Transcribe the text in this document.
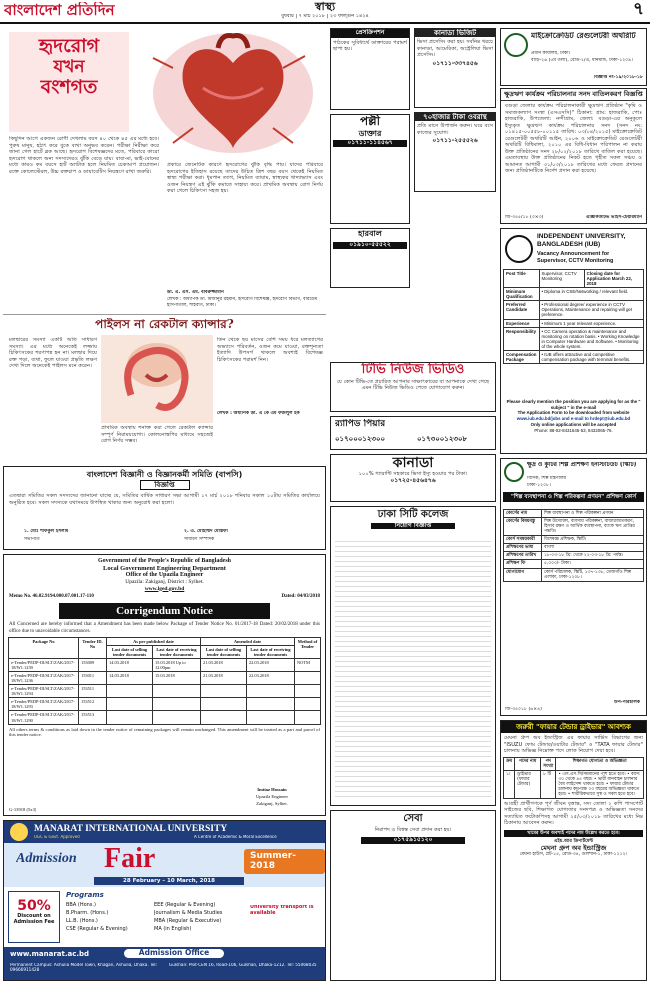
বাংলাদেশ প্রতিদিন	স্বাস্থ্য
বুধবার | ৭ মার্চ ২০১৮ | ২৩ ফাল্গুন ১৪২৪	৭
হৃদরোগ
যখন
বংশগত
কিছুদিন আগে একজন রোগী দেখলাম বয়স ৪০ থেকে ৪৫ এর মধ্যে হবে। পুরুষ মানুষ, হঠাৎ করে বুকে ব্যথা অনুভব করেন। পরীক্ষা নিরীক্ষা করে জানা গেল হার্টে ব্লক আছে। হৃদরোগ বিশেষজ্ঞদের মতে, পরিবারে কারো হৃদরোগ থাকলে অন্য সদস্যদেরও ঝুঁকি বেড়ে যায়। বাবা-মা, ভাই-বোনের মধ্যে কারও কম বয়সে হার্ট অ্যাটাক হলে নিয়মিত চেকআপ প্রয়োজন। রক্তে কোলেস্টেরল, উচ্চ রক্তচাপ ও ডায়াবেটিস নিয়ন্ত্রণে রাখা জরুরি।
প্রকারে জেনেটিক কারণে হৃদরোগের ঝুঁকি বৃদ্ধি পায়। যাদের পরিবারে হৃদরোগের ইতিহাস রয়েছে তাদের উচিত ত্রিশ বছর বয়স থেকেই নিয়মিত স্বাস্থ্য পরীক্ষা করা। ধূমপান ত্যাগ, নিয়মিত ব্যায়াম, স্বাস্থ্যকর খাদ্যাভ্যাস এবং ওজন নিয়ন্ত্রণ এই ঝুঁকি কমাতে সাহায্য করে। প্রাথমিক অবস্থায় রোগ নির্ণয় করা গেলে চিকিৎসা সহজ হয়।
ডা. এ. এস. এম. বাবরুজ্জামান
লেখক : অধ্যাপক ডা. মিজানুর রহমান, হৃদরোগ বিশেষজ্ঞ, হৃদরোগ বিভাগ, বারডেম হাসপাতাল, শাহবাগ, ঢাকা।
পাইলস না রেকটাল ক্যান্সার?
মলদ্বারের সমস্যা একটি অতি সাধারণ সমস্যা। এর মধ্যে অনেকেই লজ্জায় চিকিৎসকের শরণাপন্ন হন না। মলদ্বার দিয়ে রক্ত পড়া, ব্যথা, ফুলে যাওয়া প্রভৃতি লক্ষণ দেখা দিলে অনেকেই পাইলস মনে করেন।
তিন থেকে ছয় মাসের বেশি সময় ধরে মলত্যাগের অভ্যাসে পরিবর্তন, ওজন কমে যাওয়া, রক্তশূন্যতা ইত্যাদি উপসর্গ থাকলে অবশ্যই বিশেষজ্ঞ চিকিৎসকের পরামর্শ নিন।
প্রাথমিক অবস্থায় শনাক্ত করা গেলে রেকটাল ক্যান্সার সম্পূর্ণ নিরাময়যোগ্য। কোলনোস্কপির মাধ্যমে সহজেই রোগ নির্ণয় সম্ভব।
লেখক : অধ্যাপক ডা. এ কে এম ফজলুল হক
বাংলাদেশ বিজ্ঞানী ও বিজ্ঞানকর্মী সমিতি (বাপসি)
বিজ্ঞপ্তি
এতদ্বারা সমিতির সকল সদস্যদের জানানো যাচ্ছে যে, সমিতির বার্ষিক সাধারণ সভা আগামী ১৭ মার্চ ২০১৮ শনিবার সকাল ১০টায় সমিতির কার্যালয়ে অনুষ্ঠিত হবে। সকল সদস্যকে যথাসময়ে উপস্থিত থাকার জন্য অনুরোধ করা হলো।
১. মোঃ শফিকুল ইসলাম
সভাপতি
২. এ. মোহাম্মদ মোস্তফা
সাধারণ সম্পাদক
Government of the People's Republic of Bangladesh
Local Government Engineering Department
Office of the Upazila Engineer
Upazila: Zakiganj, District : Sylhet.
www.lged.gov.bd
Memo No. 46.02.9194.000.07.001.17-110	Dated: 04/03/2018
Corrigendum Notice
All Concerned are hereby informed that a Amendment has been made below Package of Tender Notice No. 01/2017-18 Dated: 20/02/2018 under this office due to unavoidable circumstances.
Package No	Tender ID. No	As per published date		Amended date		Method of Tender
		Last date of selling tender documents	Last date of receiving tender documents	Last date of selling tender documents	Last date of receiving tender documents	
e-Tender/PEDP-III/SLT/ZAK/2017-18/W1.1239	153009	14.03.2018	15.03.2018 Up to 12.00pm	21.03.2018	22.03.2018	NOTM
e-Tender/PEDP-III/SLT/ZAK/2017-18/W1.1236	153011	14.03.2018	15.03.2018	21.03.2018	22.03.2018	
e-Tender/PEDP-III/SLT/ZAK/2017-18/W1.1294	153511					
e-Tender/PEDP-III/SLT/ZAK/2017-18/W1.1293	153512					
e-Tender/PEDP-III/SLT/ZAK/2017-18/W1.1290	153513					
All others terms & conditions as laid down in the tender notice of remaining packages will remain unchanged. This amendment will be treated as a part and parcel of this tender notice.
Imtiaz Hossain
Upazila Engineer
Zakiganj, Sylhet.
G-13918 (5x3)
MANARAT INTERNATIONAL UNIVERSITY
UGC & Govt. Approved	A Centre of Academic & Moral Excellence
Admission Fair	Summer-2018
28 February – 10 March, 2018
50%
Discount on
Admission Fee
Programs
BBA (Hons.)
B.Pharm. (Hons.)
LL.B. (Hons.)
CSE (Regular & Evening)
EEE (Regular & Evening)
Journalism & Media Studies
MBA (Regular & Executive)
MA (in English)
University transport is available
www.manarat.ac.bd	Admission Office
Permanent Campus: Ashulia Model Town, Khagan, Ashulia, Dhaka. Tel: 09666911428
Gulshan: Plot-CEN 16, Road-106, Gulshan, Dhaka-1212. Tel: 55068035
প্রেসক্রিপশন
পাঠকের সুবিধার্থে ডাক্তারের পরামর্শ ছাপা হয়।
পল্লী
ডাক্তার
০১৭১১-১১৪৫৬৭
হারবাল
০১৯১০-৫৫৫২২
কানাডা ভিজিট
ভিসা প্রসেসিং করা হয়। সর্বনিম্ন খরচে কানাডা, আমেরিকা, অস্ট্রেলিয়া ভিসা প্রসেসিং।
০১৭১১-৩৩৭৪৫৬
৭০হাজার টাকা ওবরান্থ
প্রতি মাসে উপার্জন করুন। ঘরে বসে কাজের সুযোগ।
০১৭১১-২৫৫৫২৬
টিভি নিউজ ভিডিও
যে কোন টিভি-তে প্রচারিত আপনার সাক্ষাৎকারের বা আপনাকে দেখা গেছে এমন টিভি নিউজ ভিডিও পেতে যোগাযোগ করুন।
র‍্যাপিড পিয়ার
০১৭০০০১২৩০০	০১৭৩০০১২৩০৮
কানাডা
১০০% গ্যারান্টি সহকারে ভিসা ইস্যু হওয়ার পর টাকা।
০১৭২৫-৪৫৬৪৭৬
ঢাকা সিটি কলেজ
নিয়োগ বিজ্ঞপ্তি
সেবা
নিরাপদ ও বিশ্বস্ত সেবা প্রদান করা হয়।
০১৭৫৯১৫১২০
মাইক্রোক্রেডিট রেগুলেটরী অথরিটি
প্রধান কার্যালয়, ঢাকা।
বাড়ি-২৬ (৫ম তলা), রোড-২/এ, ধানমন্ডি, ঢাকা-১২০৯।
বিজ্ঞপ্তি নং-১৯/২০১৮-১৮
ক্ষুদ্রঋণ কার্যক্রম পরিচালনার সনদ বাতিলকরণ বিজ্ঞপ্তি
বগুড়া জেলার কার্যক্রম পরিচালনাকারী ক্ষুদ্রঋণ প্রতিষ্ঠান "কৃষি ও সমাজকল্যাণ সংস্থা (এসএসসি)" ঠিকানা: গ্রাম: হাজরাকি, পোঃ হাজরাকি, উপজেলা: নন্দীগ্রাম, জেলা: বগুড়া-এর অনুকূলে ইস্যুকৃত ক্ষুদ্রঋণ কার্যক্রম পরিচালনার সনদ (সনদ নং: ০১৪১৫-০০৫৫৮-০০১১৫ তারিখ: ০৩/০৪/২০১৫) মাইক্রোক্রেডিট রেগুলেটরী অথরিটি আইন, ২০০৬ ও মাইক্রোক্রেডিট রেগুলেটরী অথরিটি বিধিমালা, ২০১০ এর বিধি-বিধান পরিপালন না করায় উক্ত প্রতিষ্ঠানের সনদ ২৮/০২/২০১৮ তারিখে বাতিল করা হয়েছে। এমতাবস্থায় উক্ত প্রতিষ্ঠানের নিকট হতে গৃহীত সকল সঞ্চয় ও আমানত আগামী ৩১/০৩/২০১৮ তারিখের মধ্যে ফেরত প্রদানের জন্য প্রতিষ্ঠানটিকে নির্দেশ প্রদান করা হয়েছে।
জি-৩৫৫/১৮ (৩×৩)	এক্সিকিউটিভ ভাইস-চেয়ারম্যান
INDEPENDENT UNIVERSITY,
BANGLADESH (IUB)
Vacancy Announcement for
Supervisor, CCTV Monitoring
Post Title	Supervisor, CCTV Monitoring	Closing date for Application March 22, 2018
Minimum Qualification	• Diploma in CSE/Networking / relevant field.	
Preferred Candidate	• Professional degree/ experience in CCTV Operations, Maintenance and repairing will get preference.	
Experience	• Minimum 1 year relevant experience.	
Responsibility	• CC Camera operation & maintenance and monitoring on rotation basis. • Working Knowledge in Computer Hardware and Software. • Monitoring of the whole system.	
Compensation Package	• IUB offers attractive and competitive compensation package with terminal benefits.	
Please clearly mention the position you are applying for as the " subject " in the e-mail
The Application Form to be downloaded from website
www.iub.edu.bd/jobs and e-mail to hrdept@iub.edu.bd
Only online applications will be accepted
Phone: 88-02-8431645-53, 8432065-76.
ক্ষুদ্র ও কুটির শিল্প প্রশিক্ষণ ইনস্টিটিউট (স্কিটি)
বিসিক, শিল্প মন্ত্রণালয়
ঢাকা-১২০৮।
"শিল্প ব্যবস্থাপনা ও শিল্প পরিকল্পনা প্রণয়ন" প্রশিক্ষণ কোর্স
কোর্সের নাম	শিল্প ব্যবস্থাপনা ও শিল্প পরিকল্পনা প্রণয়ন
কোর্সের বিষয়বস্তু	শিল্প উদ্যোক্তা, ব্যবসায় পরিকল্পনা, বাজারজাতকরণ, হিসাব রক্ষণ ও আর্থিক ব্যবস্থাপনা, ব্যাংক ঋণ প্রাপ্তির পদ্ধতি।
কোর্স সমন্বয়কারী	বিশেষজ্ঞ প্রশিক্ষক, স্কিটি।
প্রশিক্ষণের ভাষা	বাংলা
প্রশিক্ষণের তারিখ	১৮-০৩-১৮ খ্রি: থেকে ২২-০৩-১৮ খ্রি: পর্যন্ত।
প্রশিক্ষণ ফি	৫,০০০/- টাকা।
যোগাযোগ	কোর্স পরিচালক, স্কিটি, ১৩৭-১৩৮, তেজগাঁও শিল্প এলাকা, ঢাকা-১২০৮।
উপ-পরিচালক
জি-৩৫০১৮ (৬×৪)
জরুরী "ফায়ার টেন্ডার ড্রাইভার" আবশ্যক
মেঘনা গ্রুপ অব ইন্ডাস্ট্রিজ এর ফায়ার সার্ভিস বিভাগের জন্য "ISUZU ফোম টেন্ডার/ওয়াটার টেন্ডার" ও "TATA ফায়ার টেন্ডার" চালনায় অভিজ্ঞ নিম্নোক্ত পদে লোক নিয়োগ দেয়া হবে।
ক্রম	পদের নাম	পদ সংখ্যা	শিক্ষাগত যোগ্যতা ও অভিজ্ঞতা
১।	ড্রাইভার (ফায়ার টেন্ডার)	৮ টি	• এস.এস.সি/সমমানের পাশ হতে হবে। • বয়স: ৩০ থেকে ৪৫ বছর। • ভারী যানবাহন চালনার বৈধ লাইসেন্স থাকতে হবে। • ফায়ার টেন্ডার চালনায় কমপক্ষে ০৩ বছরের অভিজ্ঞতা থাকতে হবে। • শারীরিকভাবে সুস্থ ও সবল হতে হবে।
আগ্রহী প্রার্থীগণকে পূর্ণ জীবন বৃত্তান্ত, সদ্য তোলা ২ কপি পাসপোর্ট সাইজের ছবি, শিক্ষাগত যোগ্যতার সনদপত্র ও অভিজ্ঞতা সনদের সত্যায়িত ফটোকপিসহ আগামী ২৫/০৩/২০১৮ তারিখের মধ্যে নিম্ন ঠিকানায় আবেদন করুন।
খামের উপর অবশ্যই পদের নাম উল্লেখ করতে হবে।
এইচ.আর ডিপার্টমেন্ট
মেঘনা গ্রুপ অব ইন্ডাস্ট্রিজ
মেঘনা হাউস, প্লট-১৫, রোড-৩৪, গুলশান-১, ঢাকা-১২১২।
